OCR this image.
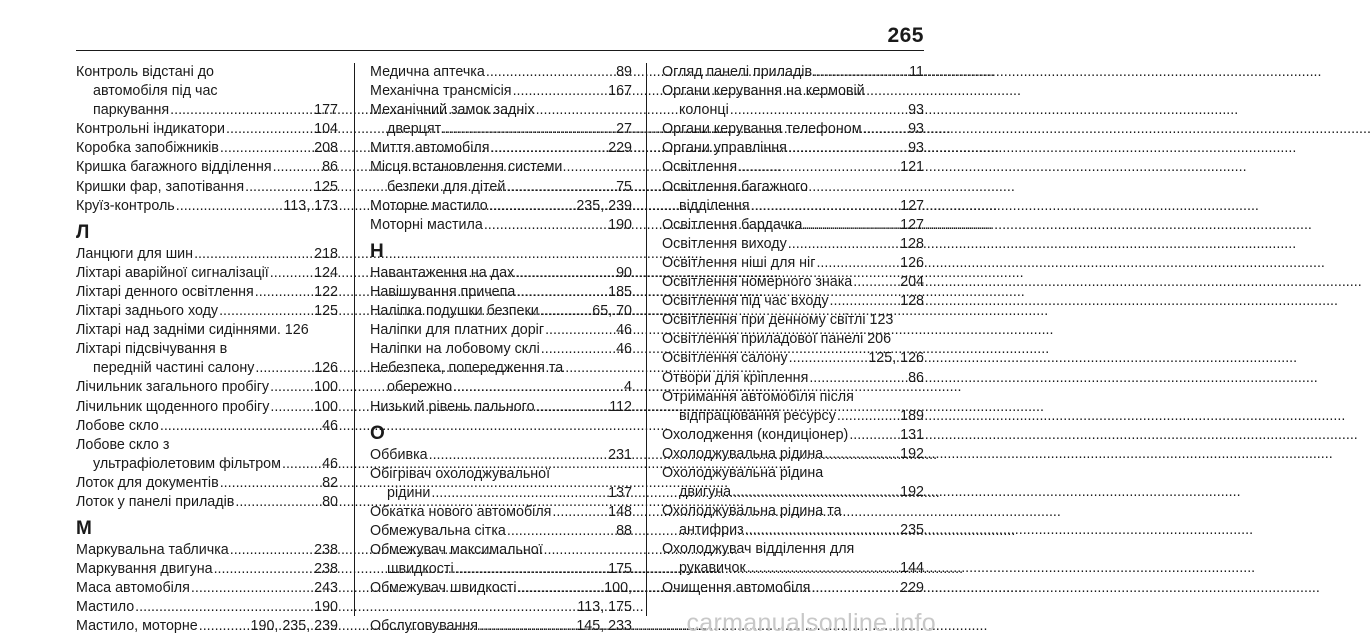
265
Контроль відстані до
автомобіля під час
паркування .....	177
Контрольні індикатори .....	104
Коробка запобіжників .....	208
Кришка багажного відділення .....	86
Кришки фар, запотівання .....	125
Круїз-контроль .....	113, 173
Л
Ланцюги для шин .....	218
Ліхтарі аварійної сигналізації .....	124
Ліхтарі денного освітлення .....	122
Ліхтарі заднього ходу .....	125
Ліхтарі над задніми сидіннями. 126
Ліхтарі підсвічування в
передній частині салону .....	126
Лічильник загального пробігу .....	100
Лічильник щоденного пробігу .....	100
Лобове скло .....	46
Лобове скло з
ультрафіолетовим фільтром .....	46
Лоток для документів .....	82
Лоток у панелі приладів .....	80
М
Маркувальна табличка .....	238
Маркування двигуна .....	238
Маса автомобіля .....	243
Мастило .....	190
Мастило, моторне .....	190, 235, 239
Медична аптечка .....	89
Механічна трансмісія .....	167
Механічний замок задніх
дверцят .....	27
Миття автомобіля .....	229
Місця встановлення системи
безпеки для дітей .....	75
Моторне мастило .....	235, 239
Моторні мастила .....	190
Н
Навантаження на дах .....	90
Навішування причепа .....	185
Наліпка подушки безпеки .....	65, 70
Наліпки для платних доріг .....	46
Наліпки на лобовому склі .....	46
Небезпека, попередження та
обережно .....	4
Низький рівень пального .....	112
О
Оббивка .....	231
Обігрівач охолоджувальної
рідини .....	137
Обкатка нового автомобіля .....	148
Обмежувальна сітка .....	88
Обмежувач максимальної
швидкості .....	175
Обмежувач швидкості .....	100,
113, 175
Обслуговування .....	145, 233
Огляд панелі приладів .....	11
Органи керування на кермовій
колонці .....	93
Органи керування телефоном .....	93
Органи управління .....	93
Освітлення .....	121
Освітлення багажного
відділення .....	127
Освітлення бардачка .....	127
Освітлення виходу .....	128
Освітлення ніші для ніг .....	126
Освітлення номерного знака .....	204
Освітлення під час входу .....	128
Освітлення при денному світлі 123
Освітлення приладової панелі 206
Освітлення салону .....	125, 126
Отвори для кріплення .....	86
Отримання автомобіля після
відпрацювання ресурсу .....	189
Охолодження (кондиціонер) .....	131
Охолоджувальна рідина .....	192
Охолоджувальна рідина
двигуна .....	192
Охолоджувальна рідина та
антифриз .....	235
Охолоджувач відділення для
рукавичок .....	144
Очищення автомобіля .....	229
carmanualsonline.info
